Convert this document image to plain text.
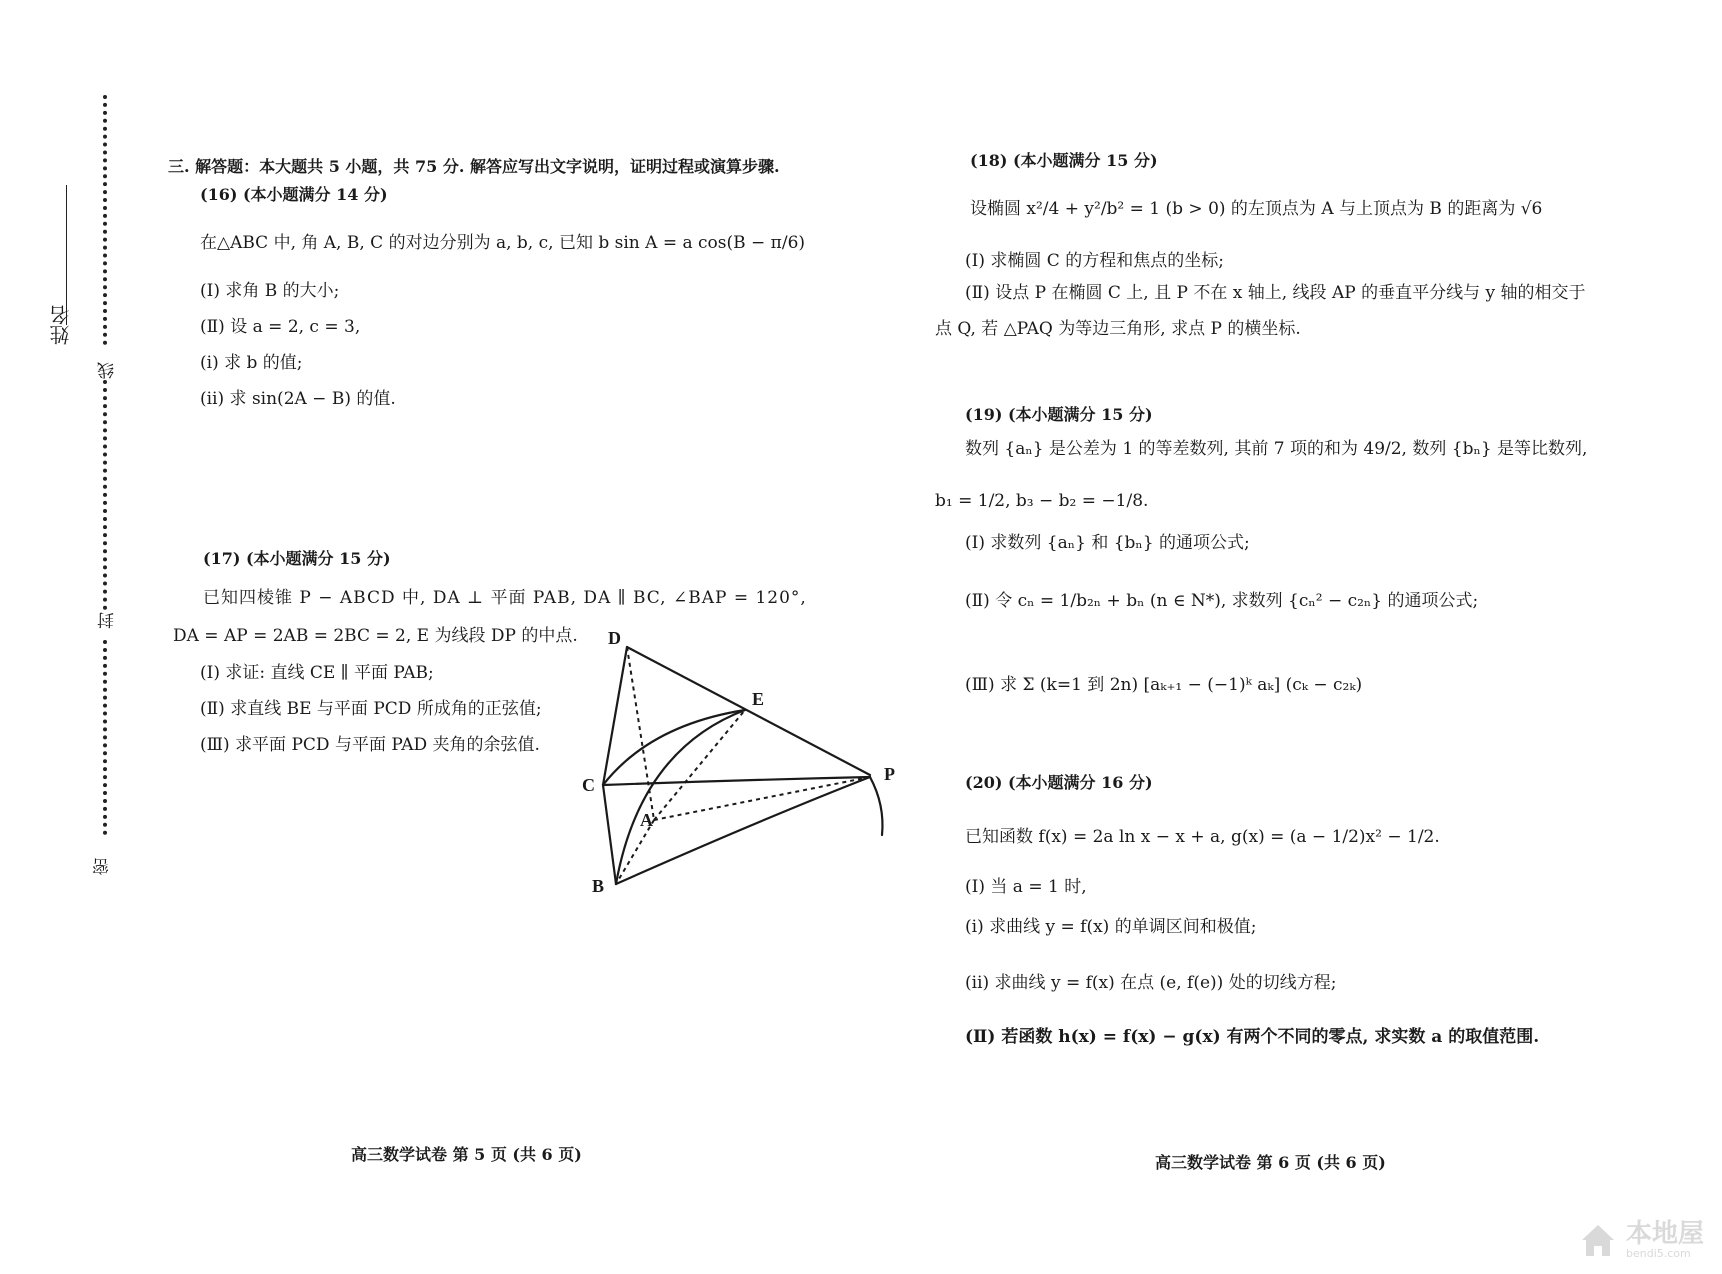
姓名
线
封
密
三. 解答题：本大题共 5 小题，共 75 分. 解答应写出文字说明，证明过程或演算步骤.
(16) (本小题满分 14 分)
在△ABC 中, 角 A, B, C 的对边分别为 a, b, c, 已知 b sin A = a cos(B − π/6)
(Ⅰ) 求角 B 的大小;
(Ⅱ) 设 a = 2, c = 3,
(ⅰ) 求 b 的值;
(ⅱ) 求 sin(2A − B) 的值.
(17) (本小题满分 15 分)
已知四棱锥 P − ABCD 中, DA ⊥ 平面 PAB, DA ∥ BC, ∠BAP = 120°,
DA = AP = 2AB = 2BC = 2, E 为线段 DP 的中点.
(Ⅰ) 求证: 直线 CE ∥ 平面 PAB;
(Ⅱ) 求直线 BE 与平面 PCD 所成角的正弦值;
(Ⅲ) 求平面 PCD 与平面 PAD 夹角的余弦值.
D
E
C
A
B
P
高三数学试卷 第 5 页 (共 6 页)
(18) (本小题满分 15 分)
设椭圆 x²/4 + y²/b² = 1 (b > 0) 的左顶点为 A 与上顶点为 B 的距离为 √6
(Ⅰ) 求椭圆 C 的方程和焦点的坐标;
(Ⅱ) 设点 P 在椭圆 C 上, 且 P 不在 x 轴上, 线段 AP 的垂直平分线与 y 轴的相交于
点 Q, 若 △PAQ 为等边三角形, 求点 P 的横坐标.
(19) (本小题满分 15 分)
数列 {aₙ} 是公差为 1 的等差数列, 其前 7 项的和为 49/2, 数列 {bₙ} 是等比数列,
b₁ = 1/2, b₃ − b₂ = −1/8.
(Ⅰ) 求数列 {aₙ} 和 {bₙ} 的通项公式;
(Ⅱ) 令 cₙ = 1/b₂ₙ + bₙ (n ∈ N*), 求数列 {cₙ² − c₂ₙ} 的通项公式;
(Ⅲ) 求 Σ (k=1 到 2n) [aₖ₊₁ − (−1)ᵏ aₖ] (cₖ − c₂ₖ)
(20) (本小题满分 16 分)
已知函数 f(x) = 2a ln x − x + a, g(x) = (a − 1/2)x² − 1/2.
(Ⅰ) 当 a = 1 时,
(ⅰ) 求曲线 y = f(x) 的单调区间和极值;
(ⅱ) 求曲线 y = f(x) 在点 (e, f(e)) 处的切线方程;
(Ⅱ) 若函数 h(x) = f(x) − g(x) 有两个不同的零点, 求实数 a 的取值范围.
高三数学试卷 第 6 页 (共 6 页)
本地屋
bendi5.com
